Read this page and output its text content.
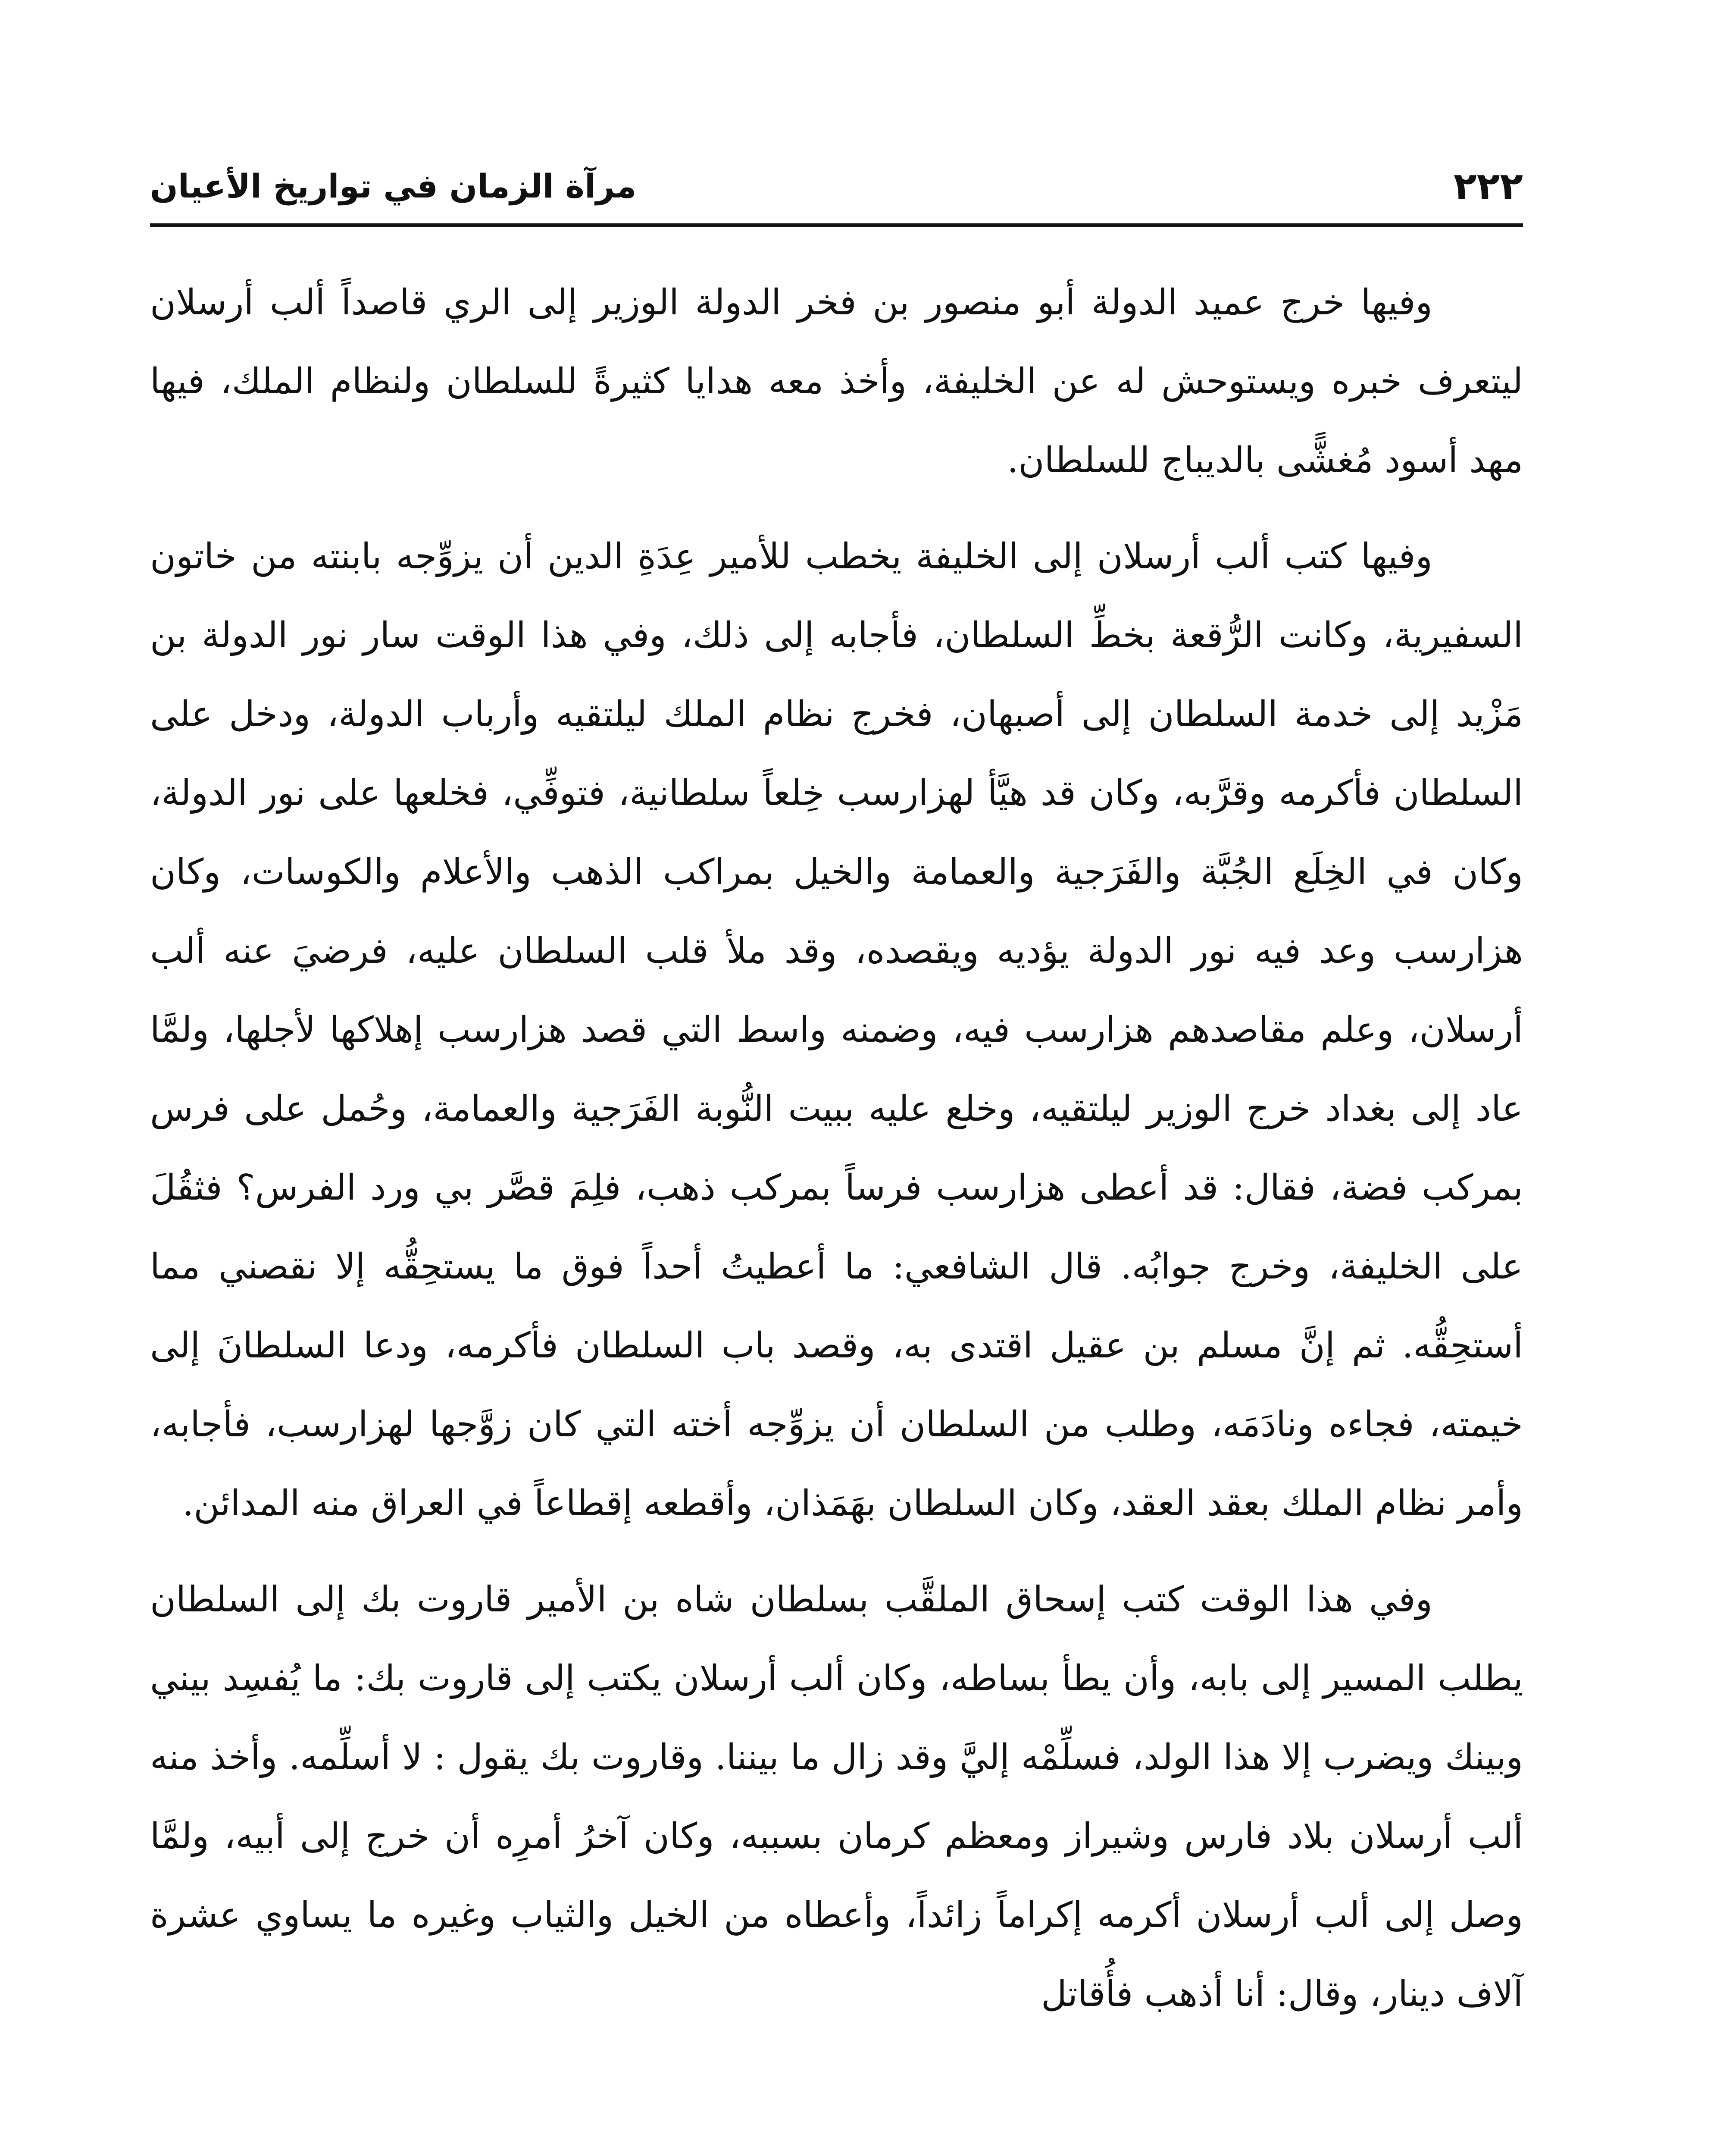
٢٢٢
مرآة الزمان في تواريخ الأعيان

وفيها خرج عميد الدولة أبو منصور بن فخر الدولة الوزير إلى الري قاصداً ألب أرسلان ليتعرف خبره ويستوحش له عن الخليفة، وأخذ معه هدايا كثيرةً للسلطان ولنظام الملك، فيها مهد أسود مُغشًّى بالديباج للسلطان.

وفيها كتب ألب أرسلان إلى الخليفة يخطب للأمير عِدَةِ الدين أن يزوِّجه بابنته من خاتون السفيرية، وكانت الرُّقعة بخطِّ السلطان، فأجابه إلى ذلك، وفي هذا الوقت سار نور الدولة بن مَزْيد إلى خدمة السلطان إلى أصبهان، فخرج نظام الملك ليلتقيه وأرباب الدولة، ودخل على السلطان فأكرمه وقرَّبه، وكان قد هيَّأ لهزارسب خِلعاً سلطانية، فتوفِّي، فخلعها على نور الدولة، وكان في الخِلَع الجُبَّة والفَرَجية والعمامة والخيل بمراكب الذهب والأعلام والكوسات، وكان هزارسب وعد فيه نور الدولة يؤديه ويقصده، وقد ملأ قلب السلطان عليه، فرضيَ عنه ألب أرسلان، وعلم مقاصدهم هزارسب فيه، وضمنه واسط التي قصد هزارسب إهلاكها لأجلها، ولمَّا عاد إلى بغداد خرج الوزير ليلتقيه، وخلع عليه ببيت النُّوبة الفَرَجية والعمامة، وحُمل على فرس بمركب فضة، فقال: قد أعطى هزارسب فرساً بمركب ذهب، فلِمَ قصَّر بي ورد الفرس؟ فثقُلَ على الخليفة، وخرج جوابُه. قال الشافعي: ما أعطيتُ أحداً فوق ما يستحِقُّه إلا نقصني مما أستحِقُّه. ثم إنَّ مسلم بن عقيل اقتدى به، وقصد باب السلطان فأكرمه، ودعا السلطانَ إلى خيمته، فجاءه ونادَمَه، وطلب من السلطان أن يزوِّجه أخته التي كان زوَّجها لهزارسب، فأجابه، وأمر نظام الملك بعقد العقد، وكان السلطان بهَمَذان، وأقطعه إقطاعاً في العراق منه المدائن.

وفي هذا الوقت كتب إسحاق الملقَّب بسلطان شاه بن الأمير قاروت بك إلى السلطان يطلب المسير إلى بابه، وأن يطأ بساطه، وكان ألب أرسلان يكتب إلى قاروت بك: ما يُفسِد بيني وبينك ويضرب إلا هذا الولد، فسلِّمْه إليَّ وقد زال ما بيننا. وقاروت بك يقول : لا أسلِّمه. وأخذ منه ألب أرسلان بلاد فارس وشيراز ومعظم كرمان بسببه، وكان آخرُ أمرِه أن خرج إلى أبيه، ولمَّا وصل إلى ألب أرسلان أكرمه إكراماً زائداً، وأعطاه من الخيل والثياب وغيره ما يساوي عشرة آلاف دينار، وقال: أنا أذهب فأُقاتل
